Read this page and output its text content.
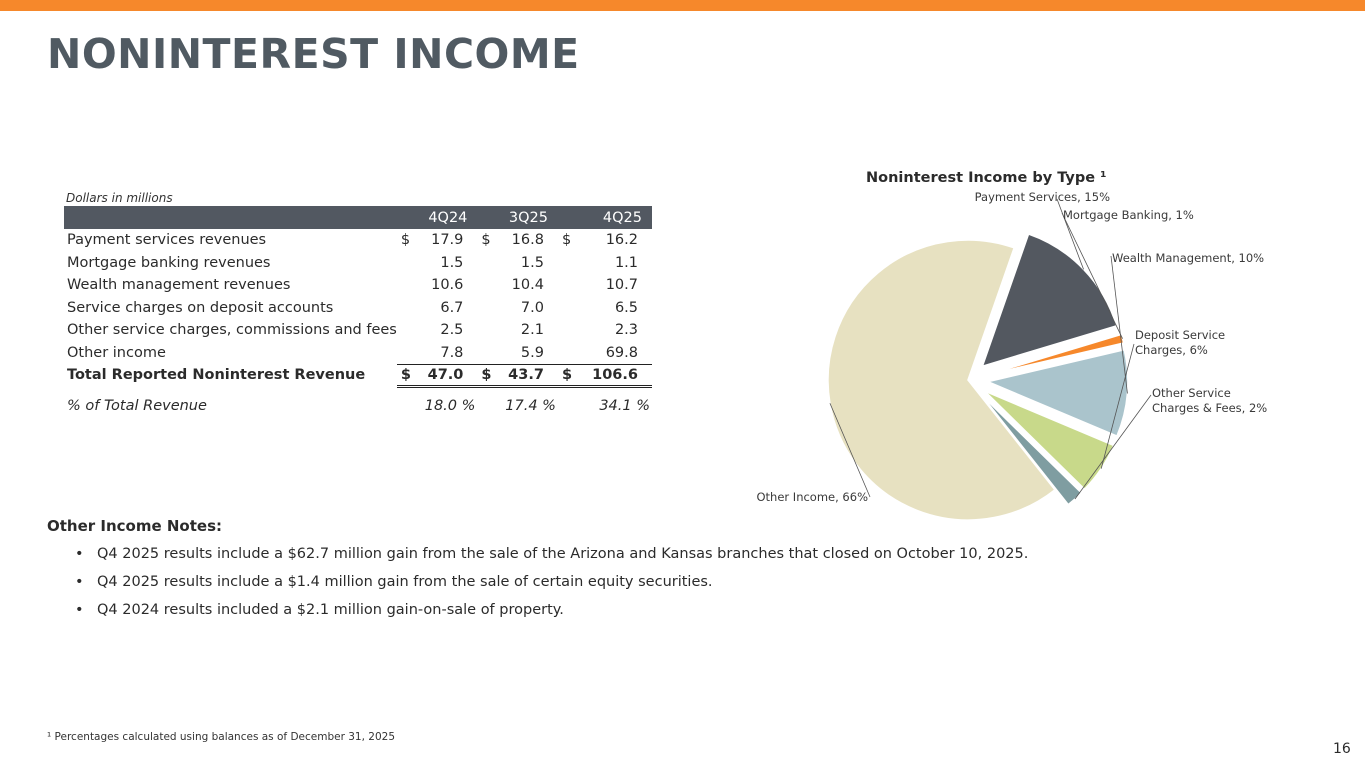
NONINTEREST INCOME
Dollars in millions
	4Q24		3Q25		4Q25	
Payment services revenues	$	17.9	$	16.8	$	16.2
Mortgage banking revenues		1.5		1.5		1.1
Wealth management revenues		10.6		10.4		10.7
Service charges on deposit accounts		6.7		7.0		6.5
Other service charges, commissions and fees		2.5		2.1		2.3
Other income		7.8		5.9		69.8
Total Reported Noninterest Revenue	$	47.0	$	43.7	$	106.6

% of Total Revenue	18.0 %		17.4 %		34.1 %	
Noninterest Income by Type ¹
Payment Services, 15%
Mortgage Banking, 1%
Wealth Management, 10%
Deposit Service Charges, 6%
Other Service Charges & Fees, 2%
Other Income, 66%
Other Income Notes:
• Q4 2025 results include a $62.7 million gain from the sale of the Arizona and Kansas branches that closed on October 10, 2025.
• Q4 2025 results include a $1.4 million gain from the sale of certain equity securities.
• Q4 2024 results included a $2.1 million gain-on-sale of property.
¹ Percentages calculated using balances as of December 31, 2025
16
